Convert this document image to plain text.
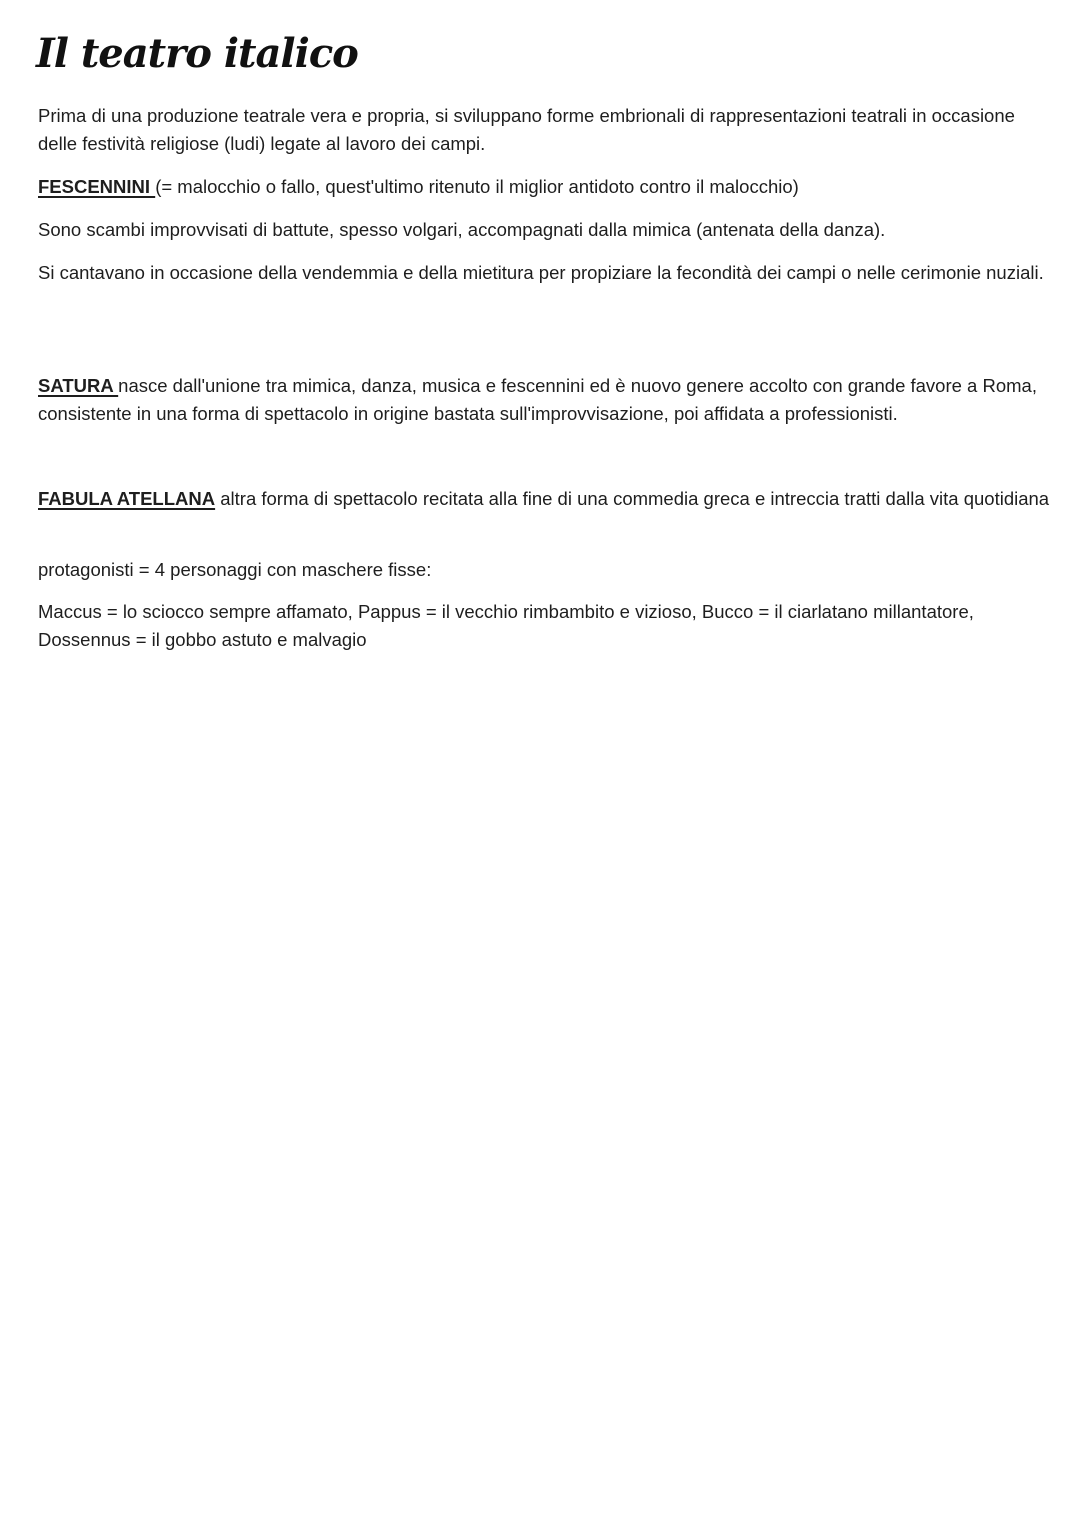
Il teatro italico

Prima di una produzione teatrale vera e propria, si sviluppano forme embrionali di rappresentazioni teatrali in occasione delle festività religiose (ludi) legate al lavoro dei campi.

FESCENNINI (= malocchio o fallo, quest'ultimo ritenuto il miglior antidoto contro il malocchio)

Sono scambi improvvisati di battute, spesso volgari, accompagnati dalla mimica (antenata della danza).

Si cantavano in occasione della vendemmia e della mietitura per propiziare la fecondità dei campi o nelle cerimonie nuziali.

SATURA nasce dall'unione tra mimica, danza, musica e fescennini ed è nuovo genere accolto con grande favore a Roma, consistente in una forma di spettacolo in origine bastata sull'improvvisazione, poi affidata a professionisti.

FABULA ATELLANA altra forma di spettacolo recitata alla fine di una commedia greca e intreccia tratti dalla vita quotidiana

protagonisti = 4 personaggi con maschere fisse:

Maccus = lo sciocco sempre affamato, Pappus = il vecchio rimbambito e vizioso, Bucco = il ciarlatano millantatore, Dossennus = il gobbo astuto e malvagio
